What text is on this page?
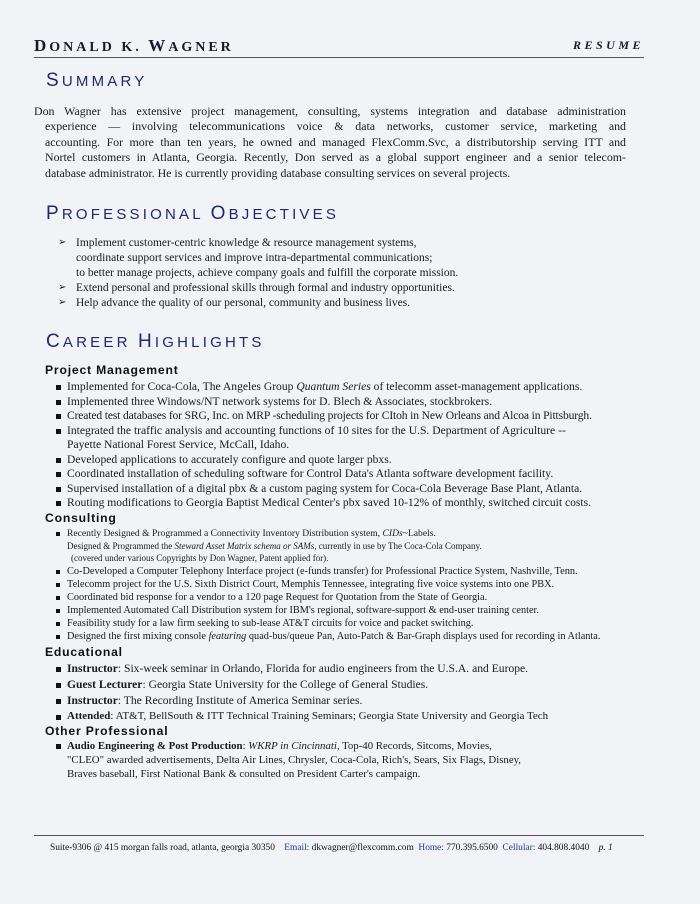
DONALD K. WAGNER	RESUME
SUMMARY
Don Wagner has extensive project management, consulting, systems integration and database administration
experience — involving telecommunications voice & data networks, customer service, marketing and
accounting. For more than ten years, he owned and managed FlexComm.Svc, a distributorship serving ITT and
Nortel customers in Atlanta, Georgia. Recently, Don served as a global support engineer and a senior telecom-
database administrator. He is currently providing database consulting services on several projects.
PROFESSIONAL OBJECTIVES
➢ Implement customer-centric knowledge & resource management systems,
coordinate support services and improve intra-departmental communications;
to better manage projects, achieve company goals and fulfill the corporate mission.
➢ Extend personal and professional skills through formal and industry opportunities.
➢ Help advance the quality of our personal, community and business lives.
CAREER HIGHLIGHTS
Project Management
Implemented for Coca-Cola, The Angeles Group Quantum Series of telecomm asset-management applications.
Implemented three Windows/NT network systems for D. Blech & Associates, stockbrokers.
Created test databases for SRG, Inc. on MRP -scheduling projects for CItoh in New Orleans and Alcoa in Pittsburgh.
Integrated the traffic analysis and accounting functions of 10 sites for the U.S. Department of Agriculture --
Payette National Forest Service, McCall, Idaho.
Developed applications to accurately configure and quote larger pbxs.
Coordinated installation of scheduling software for Control Data's Atlanta software development facility.
Supervised installation of a digital pbx & a custom paging system for Coca-Cola Beverage Base Plant, Atlanta.
Routing modifications to Georgia Baptist Medical Center's pbx saved 10-12% of monthly, switched circuit costs.
Consulting
Recently Designed & Programmed a Connectivity Inventory Distribution system, CIDs~Labels.
Designed & Programmed the Steward Asset Matrix schema or SAMs, currently in use by The Coca-Cola Company.
(covered under various Copyrights by Don Wagner, Patent applied for).
Co-Developed a Computer Telephony Interface project (e-funds transfer) for Professional Practice System, Nashville, Tenn.
Telecomm project for the U.S. Sixth District Court, Memphis Tennessee, integrating five voice systems into one PBX.
Coordinated bid response for a vendor to a 120 page Request for Quotation from the State of Georgia.
Implemented Automated Call Distribution system for IBM's regional, software-support & end-user training center.
Feasibility study for a law firm seeking to sub-lease AT&T circuits for voice and packet switching.
Designed the first mixing console featuring quad-bus/queue Pan, Auto-Patch & Bar-Graph displays used for recording in Atlanta.
Educational
Instructor: Six-week seminar in Orlando, Florida for audio engineers from the U.S.A. and Europe.
Guest Lecturer: Georgia State University for the College of General Studies.
Instructor: The Recording Institute of America Seminar series.
Attended: AT&T, BellSouth & ITT Technical Training Seminars; Georgia State University and Georgia Tech
Other Professional
Audio Engineering & Post Production: WKRP in Cincinnati, Top-40 Records, Sitcoms, Movies,
"CLEO" awarded advertisements, Delta Air Lines, Chrysler, Coca-Cola, Rich's, Sears, Six Flags, Disney,
Braves baseball, First National Bank & consulted on President Carter's campaign.
Suite-9306 @ 415 morgan falls road, atlanta, georgia 30350 Email: dkwagner@flexcomm.com Home: 770.395.6500 Cellular: 404.808.4040 p. 1
